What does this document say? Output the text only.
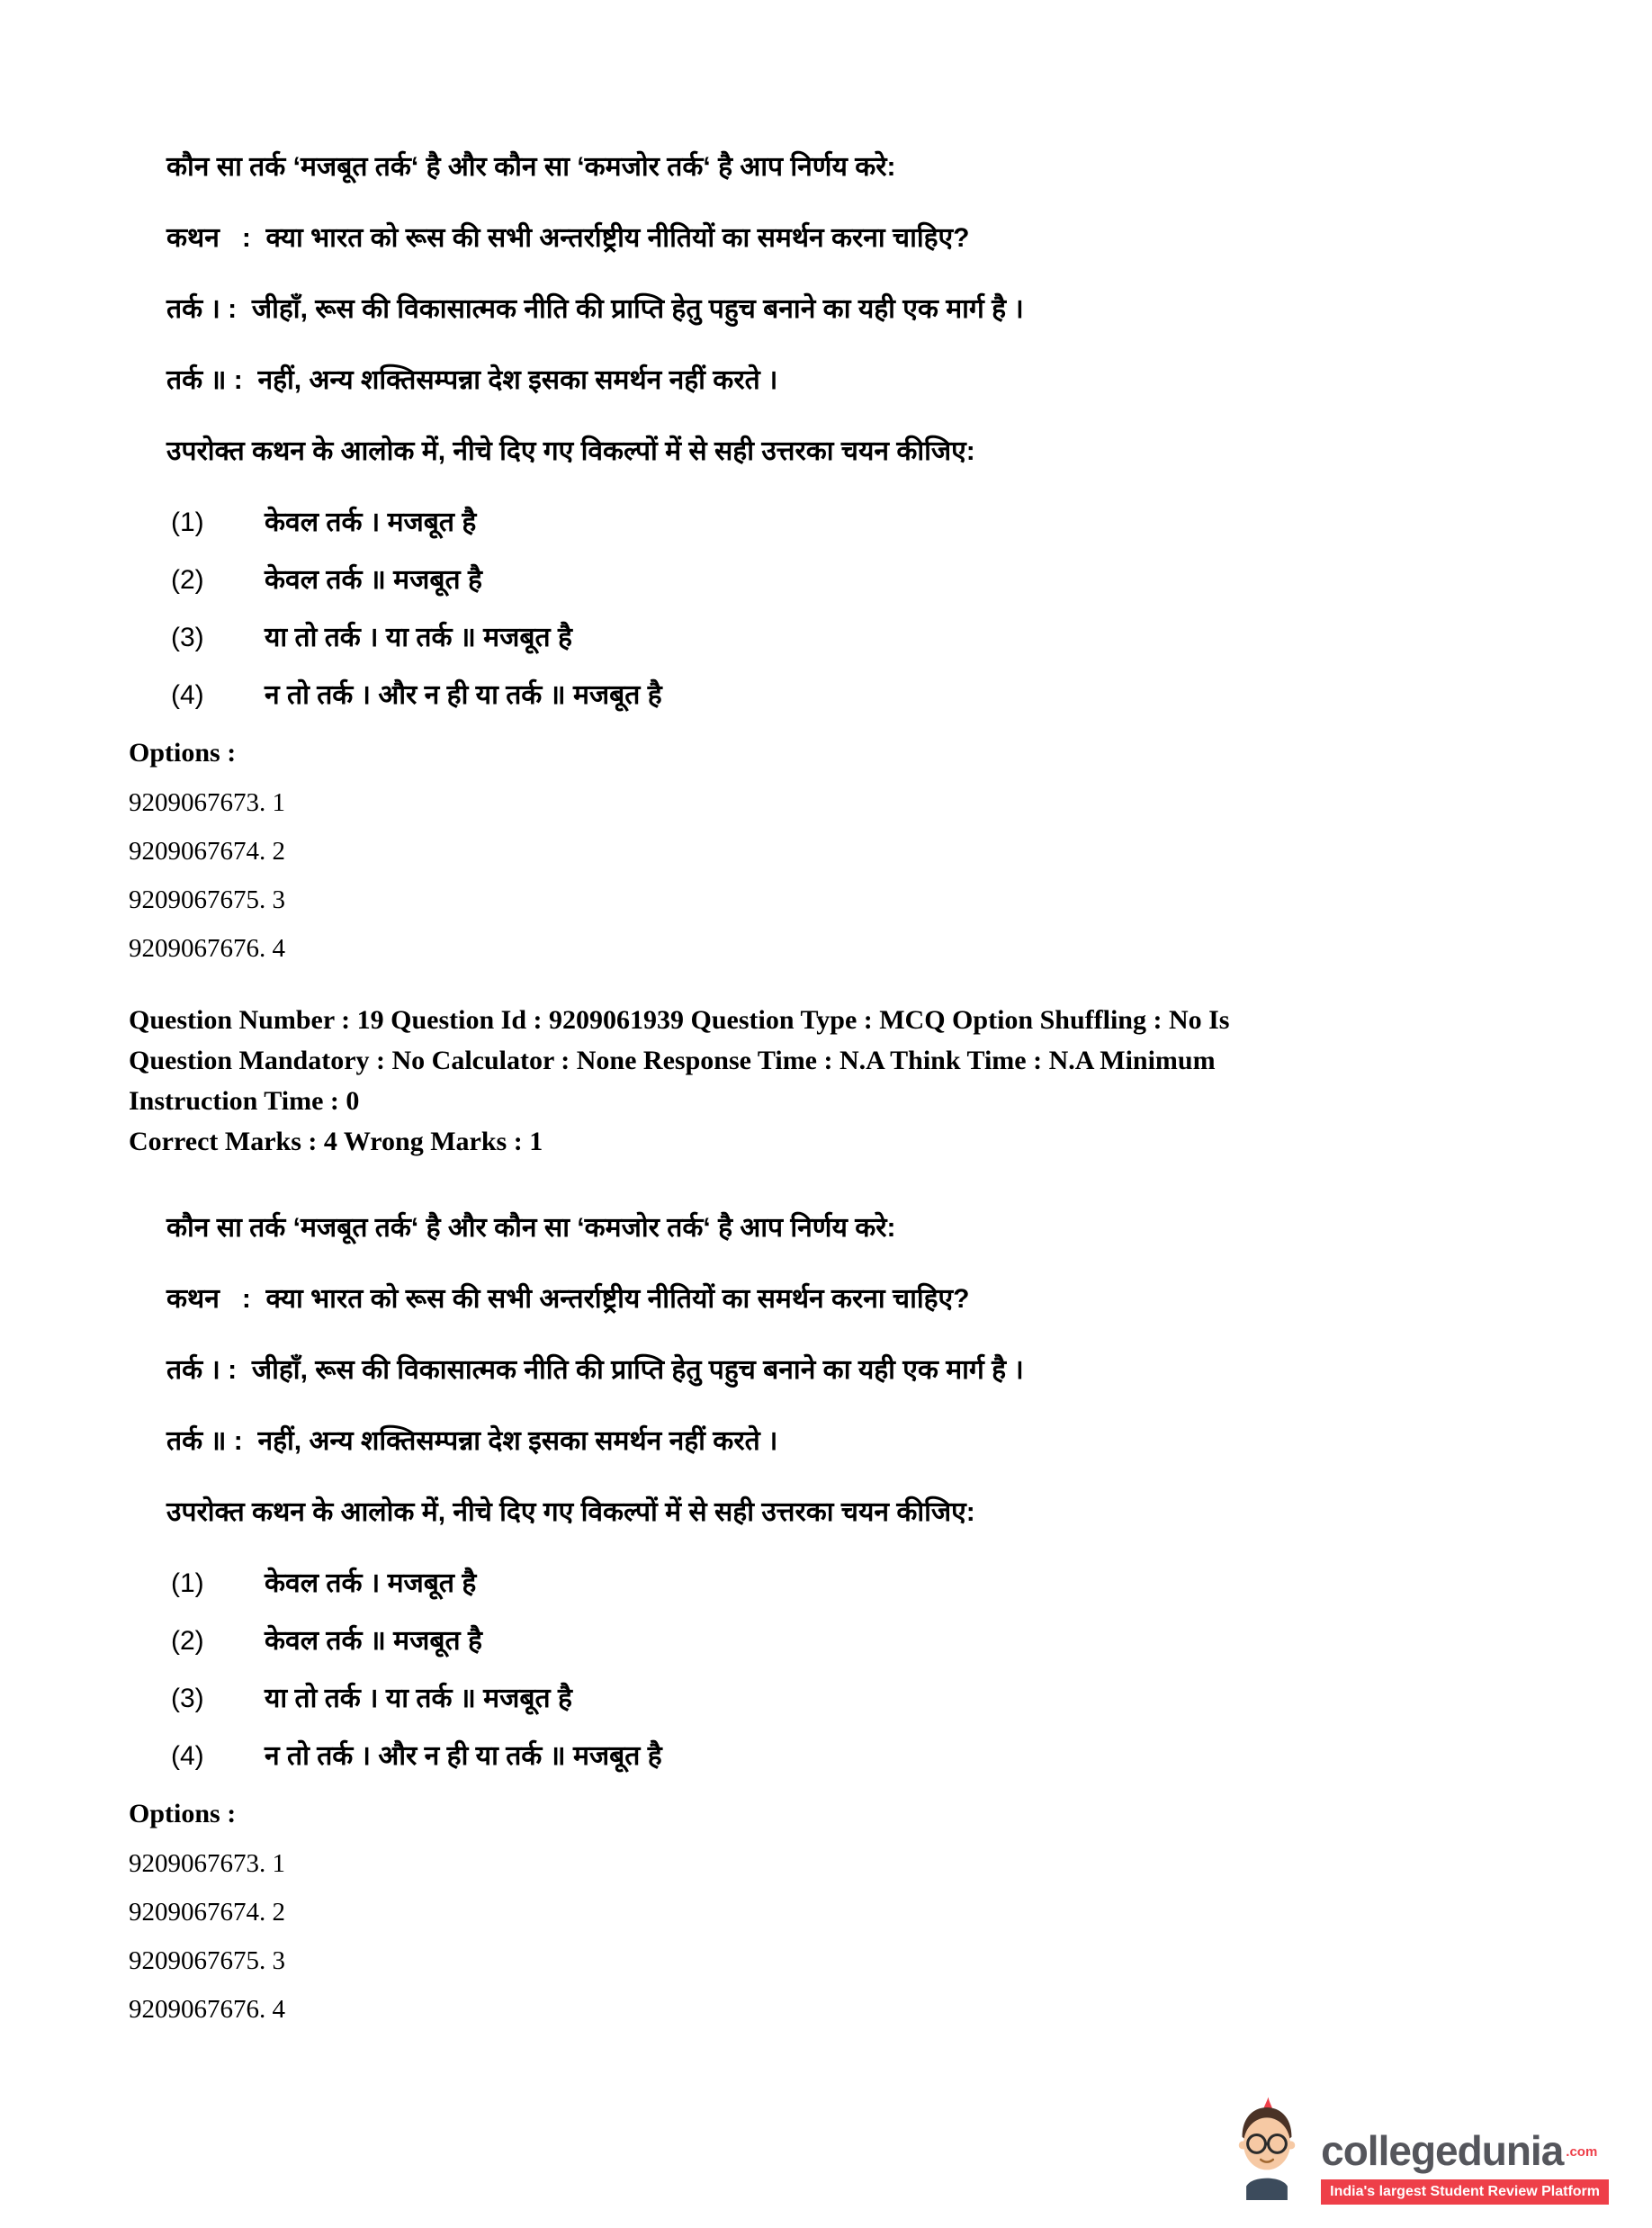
कौन सा तर्क ‘मजबूत तर्क‘ है और कौन सा ‘कमजोर तर्क‘ है आप निर्णय करे:

कथन   :  क्या भारत को रूस की सभी अन्तर्राष्ट्रीय नीतियों का समर्थन करना चाहिए?

तर्क । :  जीहाँ, रूस की विकासात्मक नीति की प्राप्ति हेतु पहुच बनाने का यही एक मार्ग है ।

तर्क ॥ :  नहीं, अन्य शक्तिसम्पन्ना देश इसका समर्थन नहीं करते ।

उपरोक्त कथन के आलोक में, नीचे दिए गए विकल्पों में से सही उत्तरका चयन कीजिए:

(1)	केवल तर्क । मजबूत है
(2)	केवल तर्क ॥ मजबूत है
(3)	या तो तर्क । या तर्क ॥ मजबूत है
(4)	न तो तर्क । और न ही या तर्क ॥ मजबूत है

Options :

9209067673. 1

9209067674. 2

9209067675. 3

9209067676. 4

Question Number : 19 Question Id : 9209061939 Question Type : MCQ Option Shuffling : No Is

Question Mandatory : No Calculator : None Response Time : N.A Think Time : N.A Minimum

Instruction Time : 0

Correct Marks : 4 Wrong Marks : 1

कौन सा तर्क ‘मजबूत तर्क‘ है और कौन सा ‘कमजोर तर्क‘ है आप निर्णय करे:

कथन   :  क्या भारत को रूस की सभी अन्तर्राष्ट्रीय नीतियों का समर्थन करना चाहिए?

तर्क । :  जीहाँ, रूस की विकासात्मक नीति की प्राप्ति हेतु पहुच बनाने का यही एक मार्ग है ।

तर्क ॥ :  नहीं, अन्य शक्तिसम्पन्ना देश इसका समर्थन नहीं करते ।

उपरोक्त कथन के आलोक में, नीचे दिए गए विकल्पों में से सही उत्तरका चयन कीजिए:

(1)	केवल तर्क । मजबूत है
(2)	केवल तर्क ॥ मजबूत है
(3)	या तो तर्क । या तर्क ॥ मजबूत है
(4)	न तो तर्क । और न ही या तर्क ॥ मजबूत है

Options :

9209067673. 1

9209067674. 2

9209067675. 3

9209067676. 4

collegedunia .com
India's largest Student Review Platform
